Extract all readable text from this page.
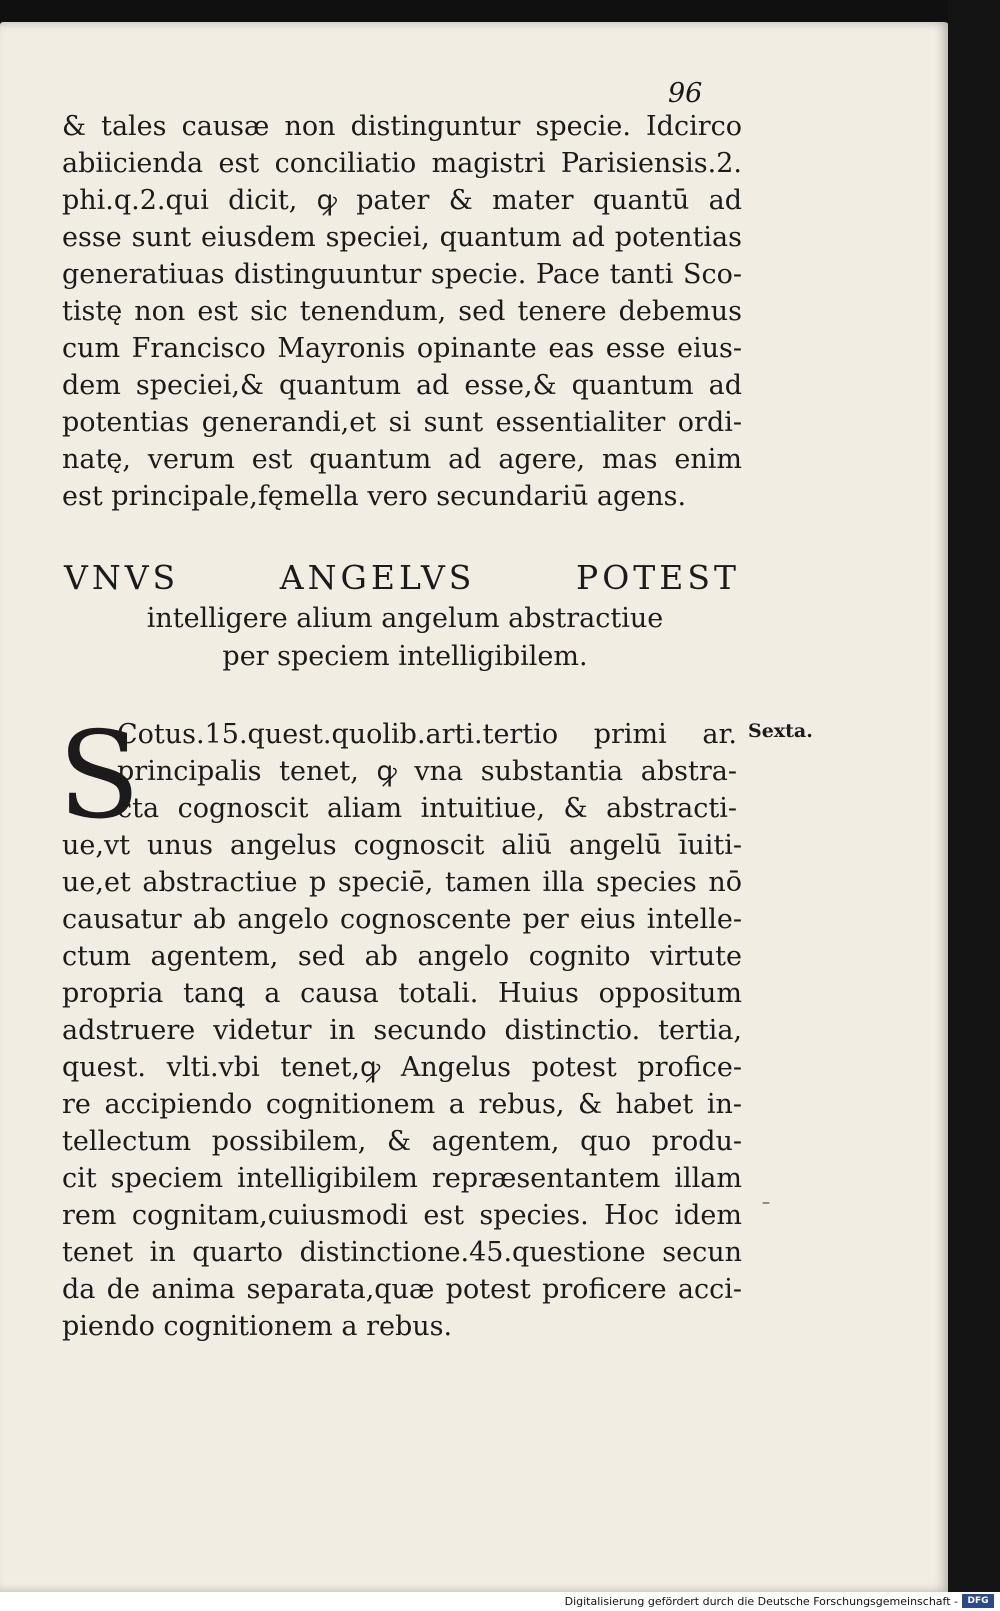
96
& tales causæ non distinguntur specie. Idcirco
abiicienda est conciliatio magistri Parisiensis.2.
phi.q.2.qui dicit, ꝙ pater & mater quantū ad
esse sunt eiusdem speciei, quantum ad potentias
generatiuas distinguuntur specie. Pace tanti Sco-
tistę non est sic tenendum, sed tenere debemus
cum Francisco Mayronis opinante eas esse eius-
dem speciei,& quantum ad esse,& quantum ad
potentias generandi,et si sunt essentialiter ordi-
natę, verum est quantum ad agere, mas enim
est principale,fęmella vero secundariū agens.
VNVS ANGELVS POTEST
intelligere alium angelum abstractiue
per speciem intelligibilem.
S	Sexta.
–
Cotus.15.quest.quolib.arti.tertio primi ar.
principalis tenet, ꝙ vna substantia abstra-
cta cognoscit aliam intuitiue, & abstracti-
ue,vt unus angelus cognoscit aliū angelū īuiti-
ue,et abstractiue p speciē, tamen illa species nō
causatur ab angelo cognoscente per eius intelle-
ctum agentem, sed ab angelo cognito virtute
propria tanꝗ a causa totali. Huius oppositum
adstruere videtur in secundo distinctio. tertia,
quest. vlti.vbi tenet,ꝙ Angelus potest profice-
re accipiendo cognitionem a rebus, & habet in-
tellectum possibilem, & agentem, quo produ-
cit speciem intelligibilem repræsentantem illam
rem cognitam,cuiusmodi est species. Hoc idem
tenet in quarto distinctione.45.questione secun
da de anima separata,quæ potest proficere acci-
piendo cognitionem a rebus.
Digitalisierung gefördert durch die Deutsche Forschungsgemeinschaft -	DFG
